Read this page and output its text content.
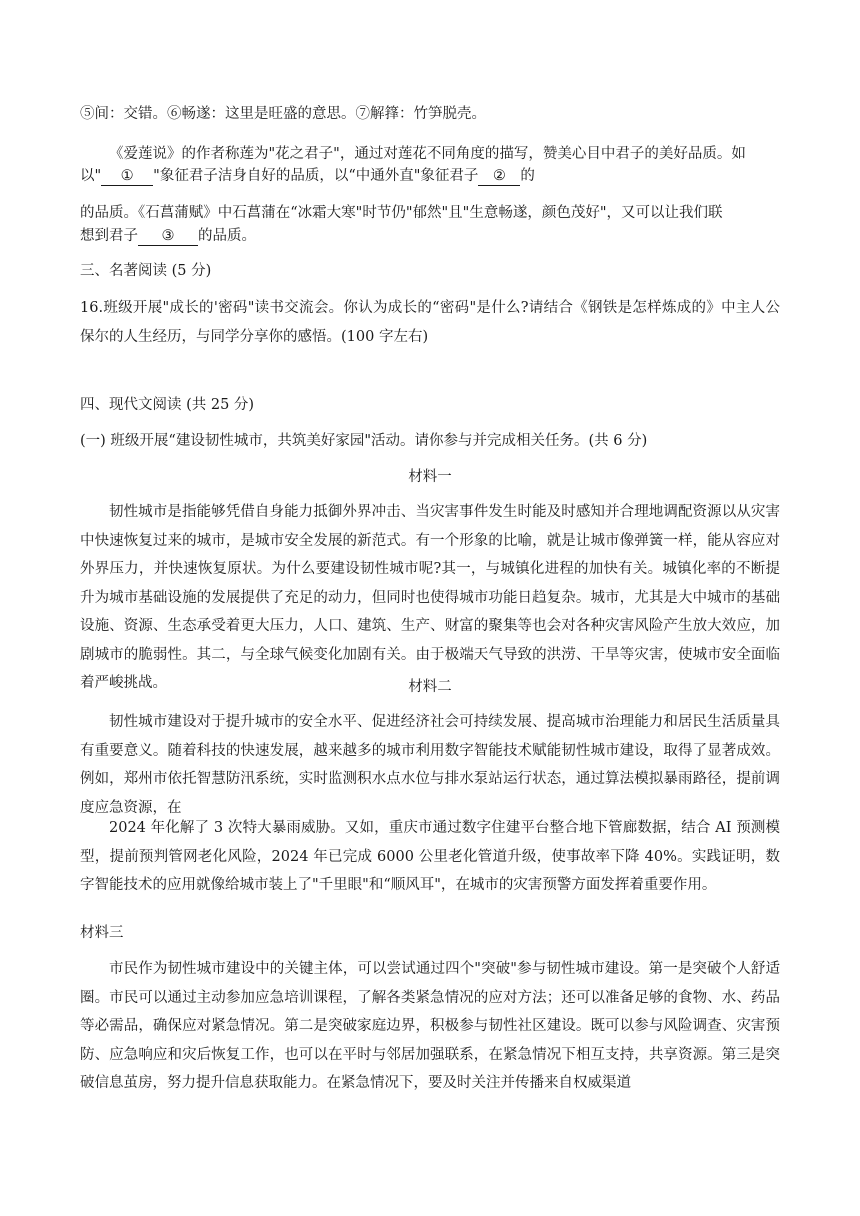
⑤间：交错。⑥畅遂：这里是旺盛的意思。⑦解箨：竹笋脱壳。

《爱莲说》的作者称莲为"花之君子"，通过对莲花不同角度的描写，赞美心目中君子的美好品质。如

以" ① "象征君子洁身自好的品质，以“中通外直"象征君子 ② 的

的品质。《石菖蒲赋》中石菖蒲在“冰霜大寒"时节仍"郁然"且"生意畅遂，颜色茂好"，又可以让我们联

想到君子 ③ 的品质。

三、名著阅读 (5 分)

16.班级开展"成长的'密码"读书交流会。你认为成长的“密码"是什么?请结合《钢铁是怎样炼成的》中主人公保尔的人生经历，与同学分享你的感悟。(100 字左右)

四、现代文阅读 (共 25 分)

(一) 班级开展“建设韧性城市，共筑美好家园"活动。请你参与并完成相关任务。(共 6 分)

材料一

韧性城市是指能够凭借自身能力抵御外界冲击、当灾害事件发生时能及时感知并合理地调配资源以从灾害中快速恢复过来的城市，是城市安全发展的新范式。有一个形象的比喻，就是让城市像弹簧一样，能从容应对外界压力，并快速恢复原状。为什么要建设韧性城市呢?其一，与城镇化进程的加快有关。城镇化率的不断提升为城市基础设施的发展提供了充足的动力，但同时也使得城市功能日趋复杂。城市，尤其是大中城市的基础设施、资源、生态承受着更大压力，人口、建筑、生产、财富的聚集等也会对各种灾害风险产生放大效应，加剧城市的脆弱性。其二，与全球气候变化加剧有关。由于极端天气导致的洪涝、干旱等灾害，使城市安全面临着严峻挑战。	材料二

韧性城市建设对于提升城市的安全水平、促进经济社会可持续发展、提高城市治理能力和居民生活质量具有重要意义。随着科技的快速发展，越来越多的城市利用数字智能技术赋能韧性城市建设，取得了显著成效。例如，郑州市依托智慧防汛系统，实时监测积水点水位与排水泵站运行状态，通过算法模拟暴雨路径，提前调度应急资源，在

2024 年化解了 3 次特大暴雨威胁。又如，重庆市通过数字住建平台整合地下管廊数据，结合 AI 预测模型，提前预判管网老化风险，2024 年已完成 6000 公里老化管道升级，使事故率下降 40%。实践证明，数字智能技术的应用就像给城市装上了"千里眼"和“顺风耳"，在城市的灾害预警方面发挥着重要作用。

材料三

市民作为韧性城市建设中的关键主体，可以尝试通过四个"突破"参与韧性城市建设。第一是突破个人舒适圈。市民可以通过主动参加应急培训课程，了解各类紧急情况的应对方法；还可以准备足够的食物、水、药品等必需品，确保应对紧急情况。第二是突破家庭边界，积极参与韧性社区建设。既可以参与风险调查、灾害预防、应急响应和灾后恢复工作，也可以在平时与邻居加强联系，在紧急情况下相互支持，共享资源。第三是突破信息茧房，努力提升信息获取能力。在紧急情况下，要及时关注并传播来自权威渠道
